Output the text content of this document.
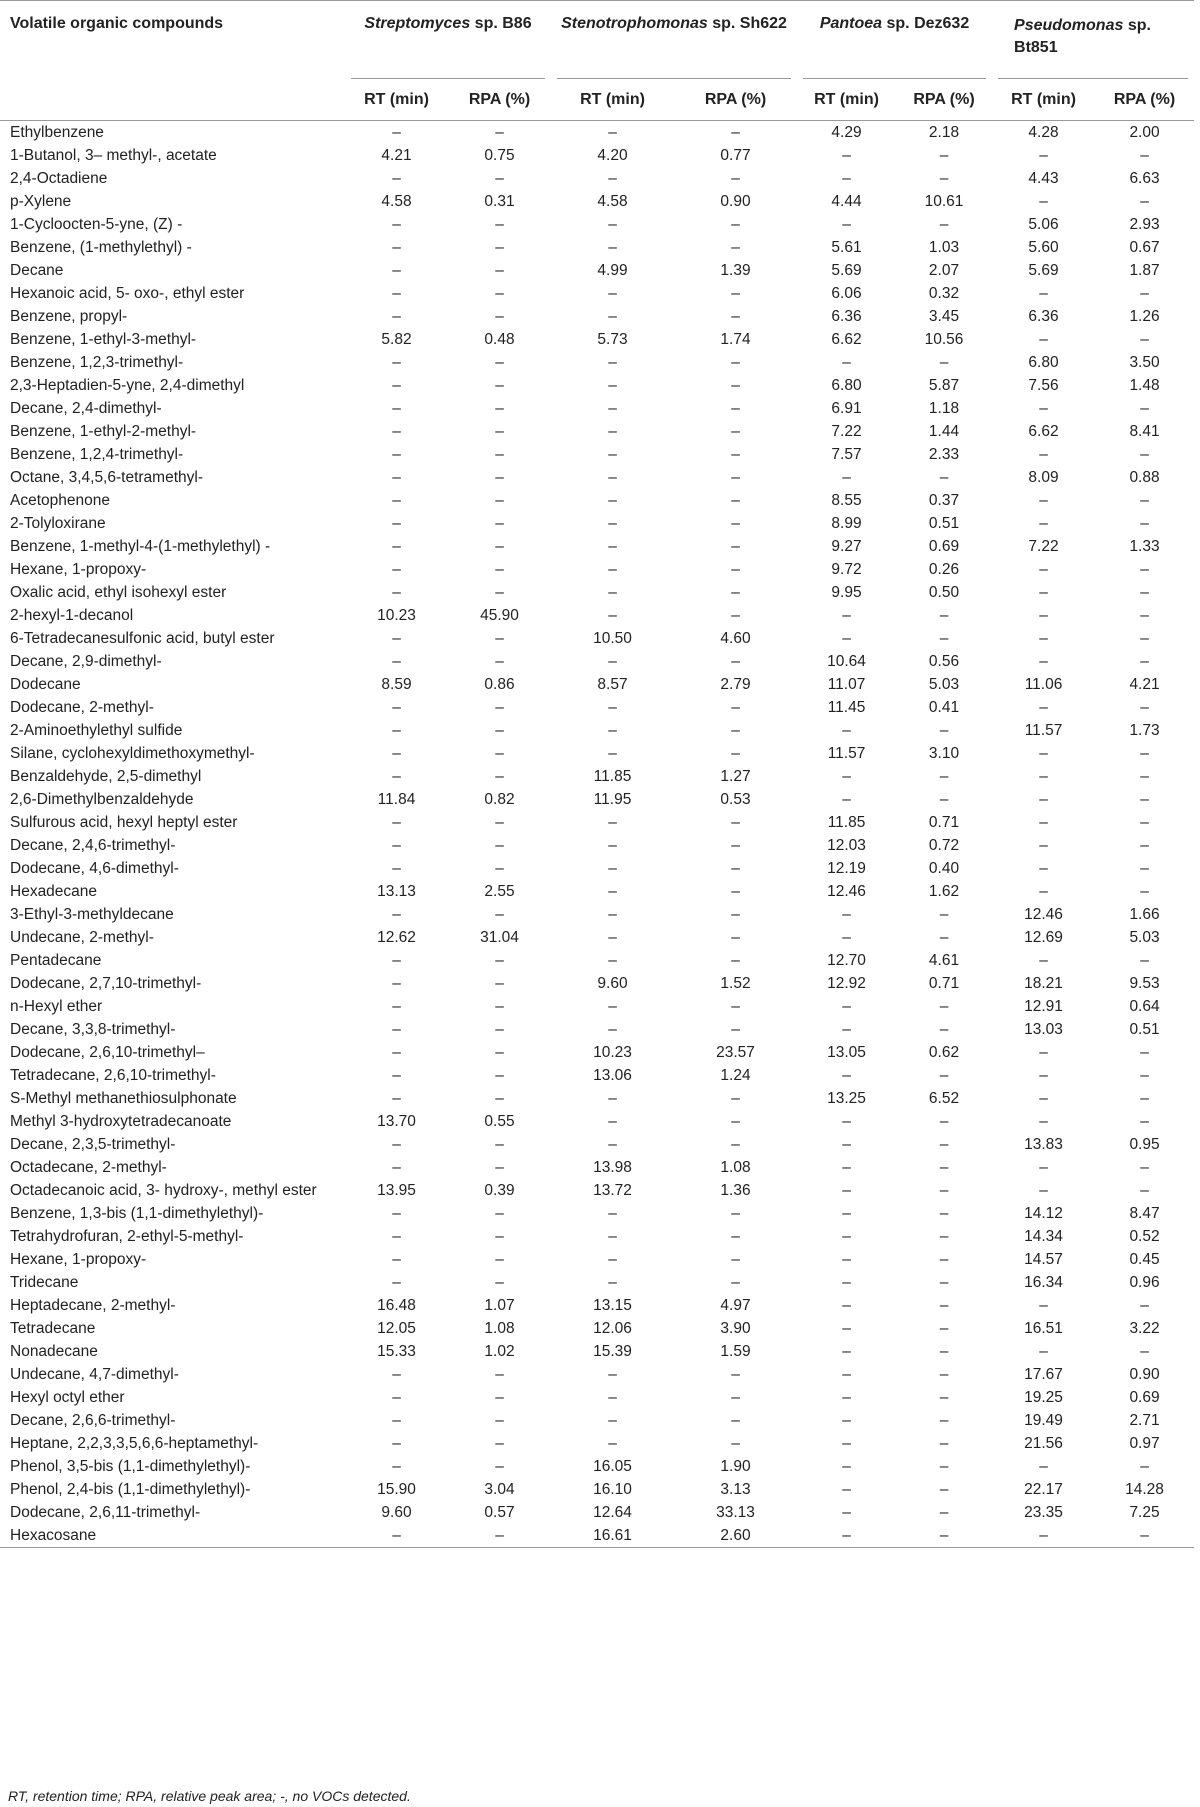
Volatile organic compounds	Streptomyces sp. B86		Stenotrophomonas sp. Sh622		Pantoea sp. Dez632		Pseudomonas sp. Bt851	
	RT (min)	RPA (%)	RT (min)	RPA (%)	RT (min)	RPA (%)	RT (min)	RPA (%)
Ethylbenzene	–	–	–	–	4.29	2.18	4.28	2.00
1-Butanol, 3– methyl-, acetate	4.21	0.75	4.20	0.77	–	–	–	–
2,4-Octadiene	–	–	–	–	–	–	4.43	6.63
p-Xylene	4.58	0.31	4.58	0.90	4.44	10.61	–	–
1-Cycloocten-5-yne, (Z) -	–	–	–	–	–	–	5.06	2.93
Benzene, (1-methylethyl) -	–	–	–	–	5.61	1.03	5.60	0.67
Decane	–	–	4.99	1.39	5.69	2.07	5.69	1.87
Hexanoic acid, 5- oxo-, ethyl ester	–	–	–	–	6.06	0.32	–	–
Benzene, propyl-	–	–	–	–	6.36	3.45	6.36	1.26
Benzene, 1-ethyl-3-methyl-	5.82	0.48	5.73	1.74	6.62	10.56	–	–
Benzene, 1,2,3-trimethyl-	–	–	–	–	–	–	6.80	3.50
2,3-Heptadien-5-yne, 2,4-dimethyl	–	–	–	–	6.80	5.87	7.56	1.48
Decane, 2,4-dimethyl-	–	–	–	–	6.91	1.18	–	–
Benzene, 1-ethyl-2-methyl-	–	–	–	–	7.22	1.44	6.62	8.41
Benzene, 1,2,4-trimethyl-	–	–	–	–	7.57	2.33	–	–
Octane, 3,4,5,6-tetramethyl-	–	–	–	–	–	–	8.09	0.88
Acetophenone	–	–	–	–	8.55	0.37	–	–
2-Tolyloxirane	–	–	–	–	8.99	0.51	–	–
Benzene, 1-methyl-4-(1-methylethyl) -	–	–	–	–	9.27	0.69	7.22	1.33
Hexane, 1-propoxy-	–	–	–	–	9.72	0.26	–	–
Oxalic acid, ethyl isohexyl ester	–	–	–	–	9.95	0.50	–	–
2-hexyl-1-decanol	10.23	45.90	–	–	–	–	–	–
6-Tetradecanesulfonic acid, butyl ester	–	–	10.50	4.60	–	–	–	–
Decane, 2,9-dimethyl-	–	–	–	–	10.64	0.56	–	–
Dodecane	8.59	0.86	8.57	2.79	11.07	5.03	11.06	4.21
Dodecane, 2-methyl-	–	–	–	–	11.45	0.41	–	–
2-Aminoethylethyl sulfide	–	–	–	–	–	–	11.57	1.73
Silane, cyclohexyldimethoxymethyl-	–	–	–	–	11.57	3.10	–	–
Benzaldehyde, 2,5-dimethyl	–	–	11.85	1.27	–	–	–	–
2,6-Dimethylbenzaldehyde	11.84	0.82	11.95	0.53	–	–	–	–
Sulfurous acid, hexyl heptyl ester	–	–	–	–	11.85	0.71	–	–
Decane, 2,4,6-trimethyl-	–	–	–	–	12.03	0.72	–	–
Dodecane, 4,6-dimethyl-	–	–	–	–	12.19	0.40	–	–
Hexadecane	13.13	2.55	–	–	12.46	1.62	–	–
3-Ethyl-3-methyldecane	–	–	–	–	–	–	12.46	1.66
Undecane, 2-methyl-	12.62	31.04	–	–	–	–	12.69	5.03
Pentadecane	–	–	–	–	12.70	4.61	–	–
Dodecane, 2,7,10-trimethyl-	–	–	9.60	1.52	12.92	0.71	18.21	9.53
n-Hexyl ether	–	–	–	–	–	–	12.91	0.64
Decane, 3,3,8-trimethyl-	–	–	–	–	–	–	13.03	0.51
Dodecane, 2,6,10-trimethyl–	–	–	10.23	23.57	13.05	0.62	–	–
Tetradecane, 2,6,10-trimethyl-	–	–	13.06	1.24	–	–	–	–
S-Methyl methanethiosulphonate	–	–	–	–	13.25	6.52	–	–
Methyl 3-hydroxytetradecanoate	13.70	0.55	–	–	–	–	–	–
Decane, 2,3,5-trimethyl-	–	–	–	–	–	–	13.83	0.95
Octadecane, 2-methyl-	–	–	13.98	1.08	–	–	–	–
Octadecanoic acid, 3- hydroxy-, methyl ester	13.95	0.39	13.72	1.36	–	–	–	–
Benzene, 1,3-bis (1,1-dimethylethyl)-	–	–	–	–	–	–	14.12	8.47
Tetrahydrofuran, 2-ethyl-5-methyl-	–	–	–	–	–	–	14.34	0.52
Hexane, 1-propoxy-	–	–	–	–	–	–	14.57	0.45
Tridecane	–	–	–	–	–	–	16.34	0.96
Heptadecane, 2-methyl-	16.48	1.07	13.15	4.97	–	–	–	–
Tetradecane	12.05	1.08	12.06	3.90	–	–	16.51	3.22
Nonadecane	15.33	1.02	15.39	1.59	–	–	–	–
Undecane, 4,7-dimethyl-	–	–	–	–	–	–	17.67	0.90
Hexyl octyl ether	–	–	–	–	–	–	19.25	0.69
Decane, 2,6,6-trimethyl-	–	–	–	–	–	–	19.49	2.71
Heptane, 2,2,3,3,5,6,6-heptamethyl-	–	–	–	–	–	–	21.56	0.97
Phenol, 3,5-bis (1,1-dimethylethyl)-	–	–	16.05	1.90	–	–	–	–
Phenol, 2,4-bis (1,1-dimethylethyl)-	15.90	3.04	16.10	3.13	–	–	22.17	14.28
Dodecane, 2,6,11-trimethyl-	9.60	0.57	12.64	33.13	–	–	23.35	7.25
Hexacosane	–	–	16.61	2.60	–	–	–	–
RT, retention time; RPA, relative peak area; -, no VOCs detected.
